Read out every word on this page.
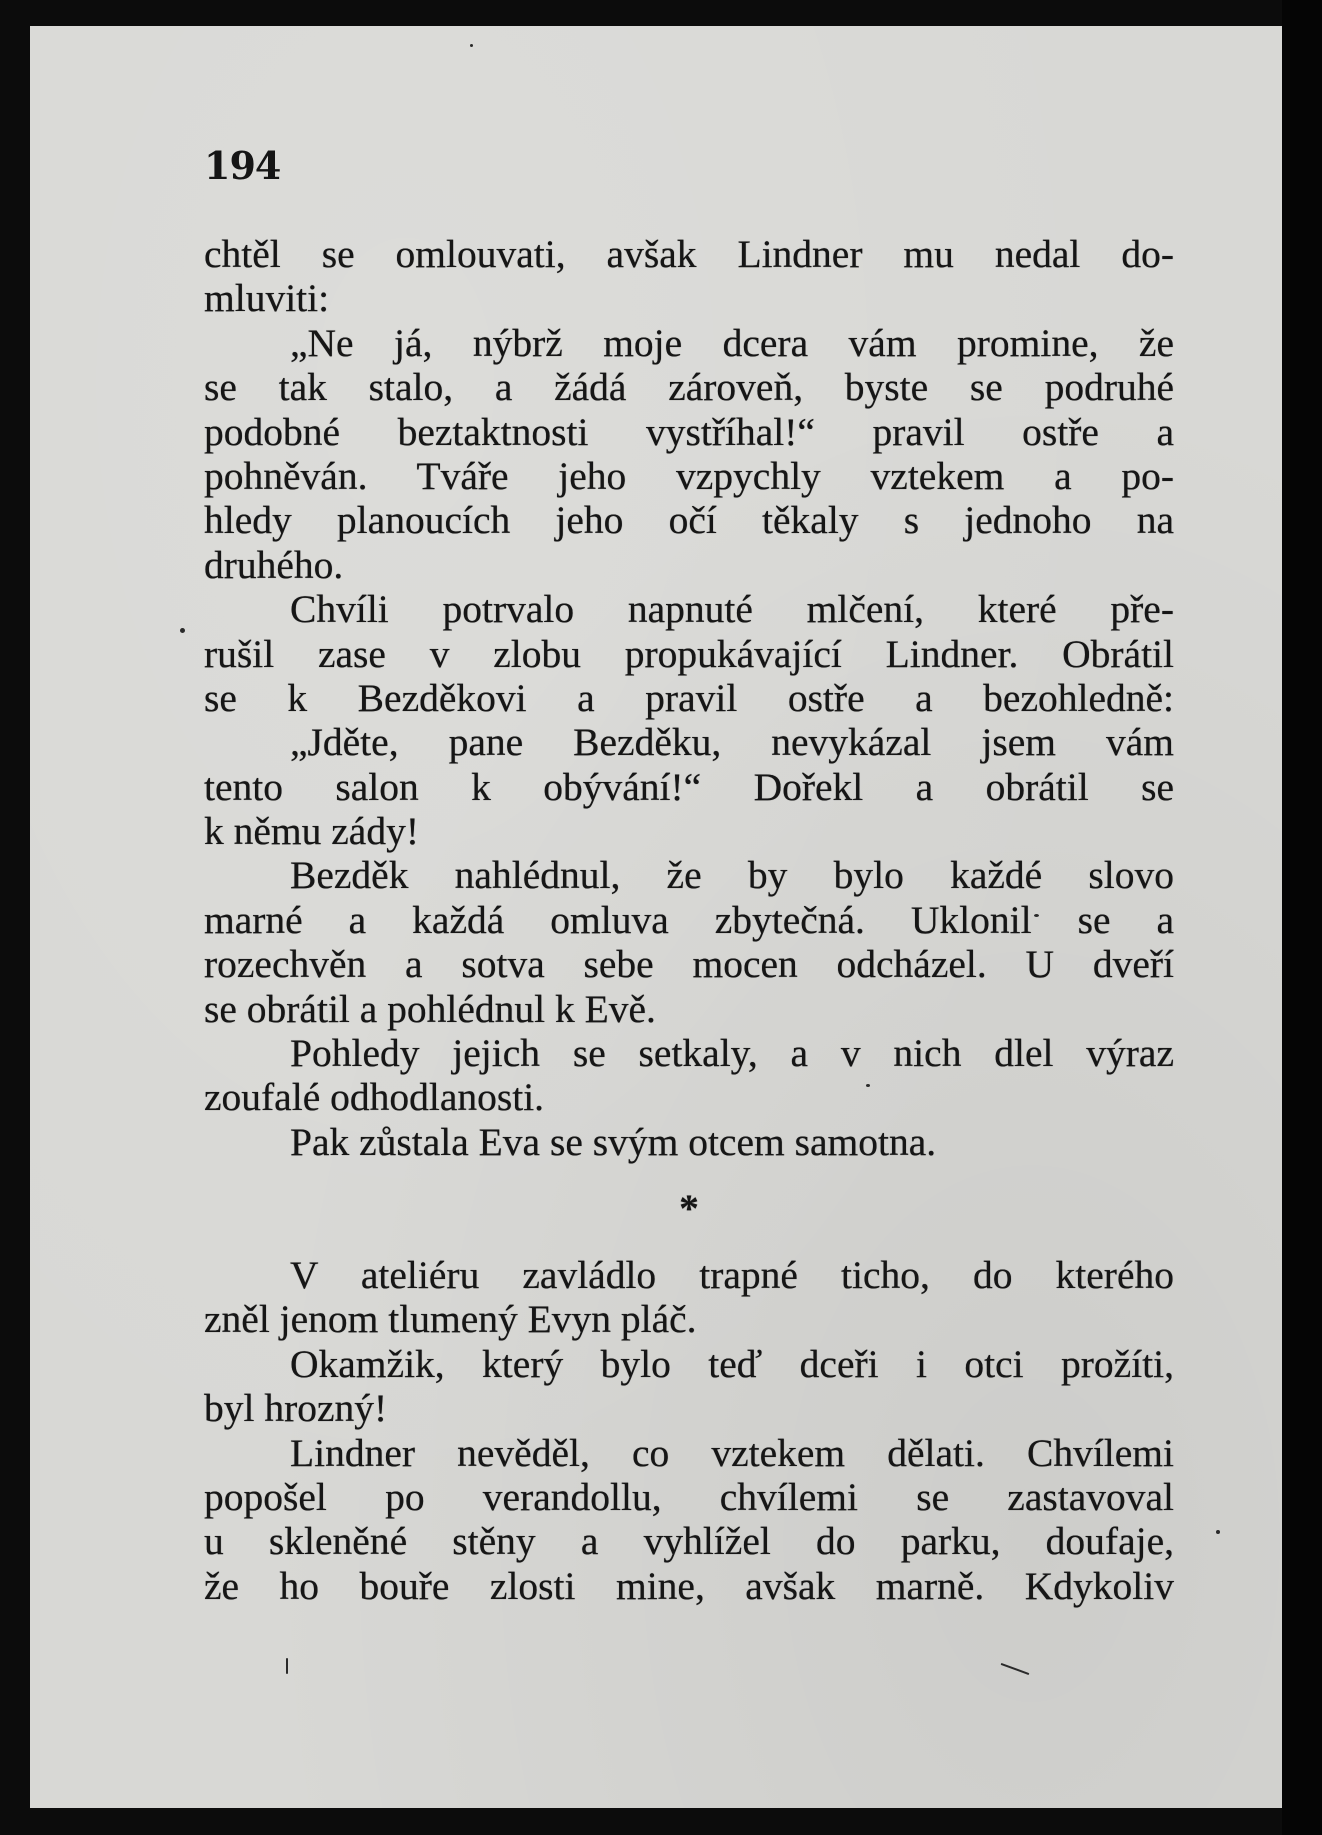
194
chtěl se omlouvati, avšak Lindner mu nedal do-
mluviti:
„Ne já, nýbrž moje dcera vám promine, že
se tak stalo, a žádá zároveň, byste se podruhé
podobné beztaktnosti vystříhal!“ pravil ostře a
pohněván. Tváře jeho vzpychly vztekem a po-
hledy planoucích jeho očí těkaly s jednoho na
druhého.
Chvíli potrvalo napnuté mlčení, které pře-
rušil zase v zlobu propukávající Lindner. Obrátil
se k Bezděkovi a pravil ostře a bezohledně:
„Jděte, pane Bezděku, nevykázal jsem vám
tento salon k obývání!“ Dořekl a obrátil se
k němu zády!
Bezděk nahlédnul, že by bylo každé slovo
marné a každá omluva zbytečná. Uklonil se a
rozechvěn a sotva sebe mocen odcházel. U dveří
se obrátil a pohlédnul k Evě.
Pohledy jejich se setkaly, a v nich dlel výraz
zoufalé odhodlanosti.
Pak zůstala Eva se svým otcem samotna.
*
V ateliéru zavládlo trapné ticho, do kterého
zněl jenom tlumený Evyn pláč.
Okamžik, který bylo teď dceři i otci prožíti,
byl hrozný!
Lindner nevěděl, co vztekem dělati. Chvílemi
popošel po verandollu, chvílemi se zastavoval
u skleněné stěny a vyhlížel do parku, doufaje,
že ho bouře zlosti mine, avšak marně. Kdykoliv
